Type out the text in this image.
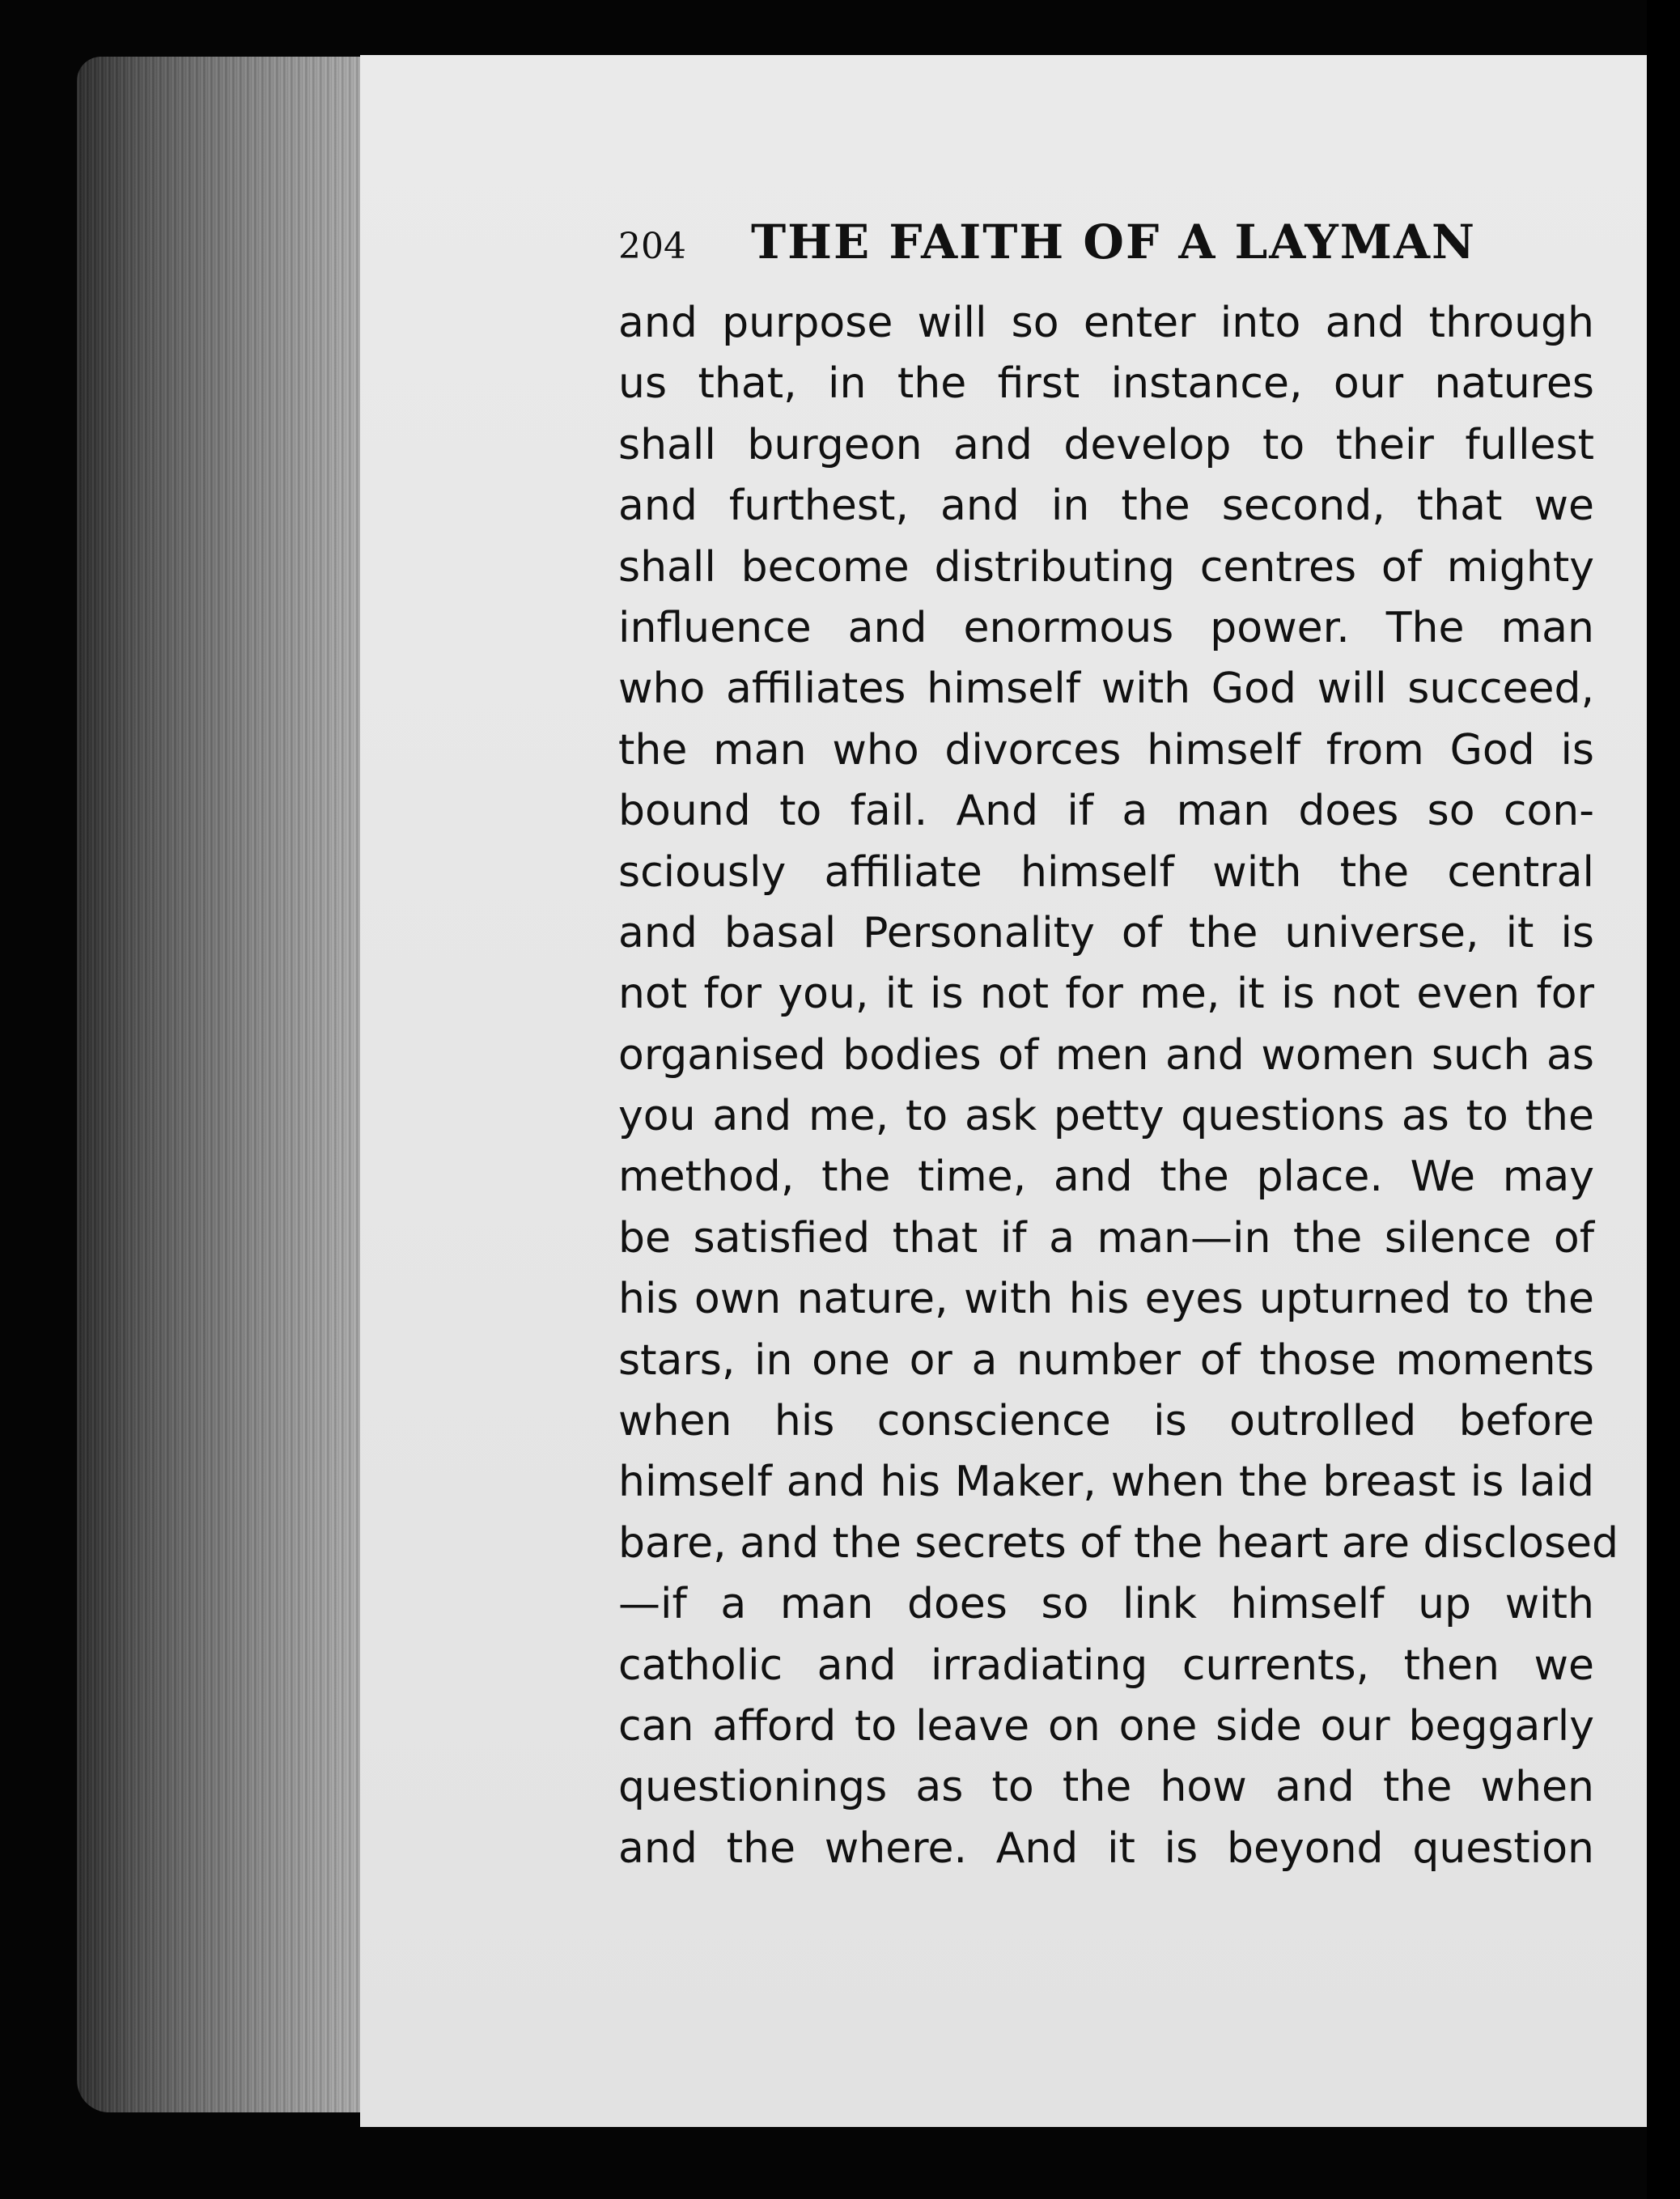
204 THE FAITH OF A LAYMAN
and purpose will so enter into and through
us that, in the first instance, our natures
shall burgeon and develop to their fullest
and furthest, and in the second, that we
shall become distributing centres of mighty
influence and enormous power. The man
who affiliates himself with God will succeed,
the man who divorces himself from God is
bound to fail. And if a man does so con-
sciously affiliate himself with the central
and basal Personality of the universe, it is
not for you, it is not for me, it is not even for
organised bodies of men and women such as
you and me, to ask petty questions as to the
method, the time, and the place. We may
be satisfied that if a man—in the silence of
his own nature, with his eyes upturned to the
stars, in one or a number of those moments
when his conscience is outrolled before
himself and his Maker, when the breast is laid
bare, and the secrets of the heart are disclosed
—if a man does so link himself up with
catholic and irradiating currents, then we
can afford to leave on one side our beggarly
questionings as to the how and the when
and the where. And it is beyond question
